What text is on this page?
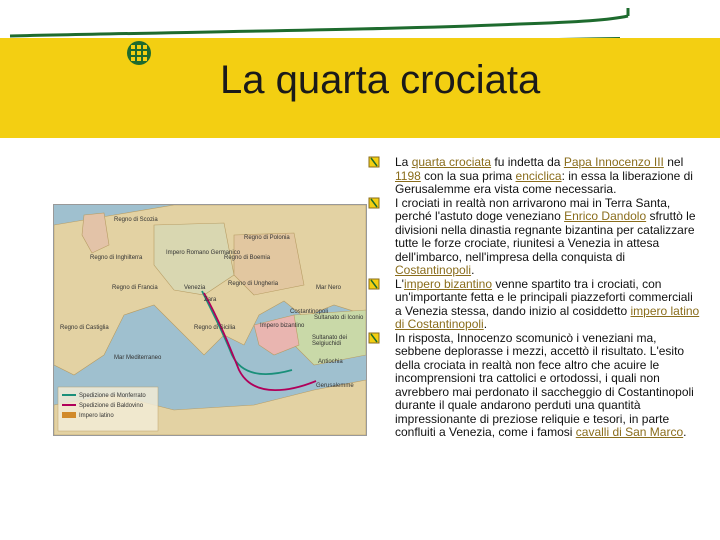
La quarta crociata
Regno di Scozia
Regno di Inghilterra
Impero Romano Germanico
Regno di Francia
Regno di Polonia
Regno di Boemia
Regno di Ungheria
Regno di Sicilia
Sultanato di Iconio
Impero bizantino
Sultanato dei Selgiuchidi
Venezia
Zara
Costantinopoli
Antiochia
Gerusalemme
Mar Nero
Mar Mediterraneo
Regno di Castiglia
Spedizione di Monferrato
Spedizione di Baldovino
Impero latino
La quarta crociata fu indetta da Papa Innocenzo III nel 1198 con la sua prima enciclica: in essa la liberazione di Gerusalemme era vista come necessaria.
I crociati in realtà non arrivarono mai in Terra Santa, perché l'astuto doge veneziano Enrico Dandolo sfruttò le divisioni nella dinastia regnante bizantina per catalizzare tutte le forze crociate, riunitesi a Venezia in attesa dell'imbarco, nell'impresa della conquista di Costantinopoli.
L'impero bizantino venne spartito tra i crociati, con un'importante fetta e le principali piazzeforti commerciali a Venezia stessa, dando inizio al cosiddetto impero latino di Costantinopoli.
In risposta, Innocenzo scomunicò i veneziani ma, sebbene deplorasse i mezzi, accettò il risultato. L'esito della crociata in realtà non fece altro che acuire le incomprensioni tra cattolici e ortodossi, i quali non avrebbero mai perdonato il saccheggio di Costantinopoli durante il quale andarono perduti una quantità impressionante di preziose reliquie e tesori, in parte confluiti a Venezia, come i famosi cavalli di San Marco.
